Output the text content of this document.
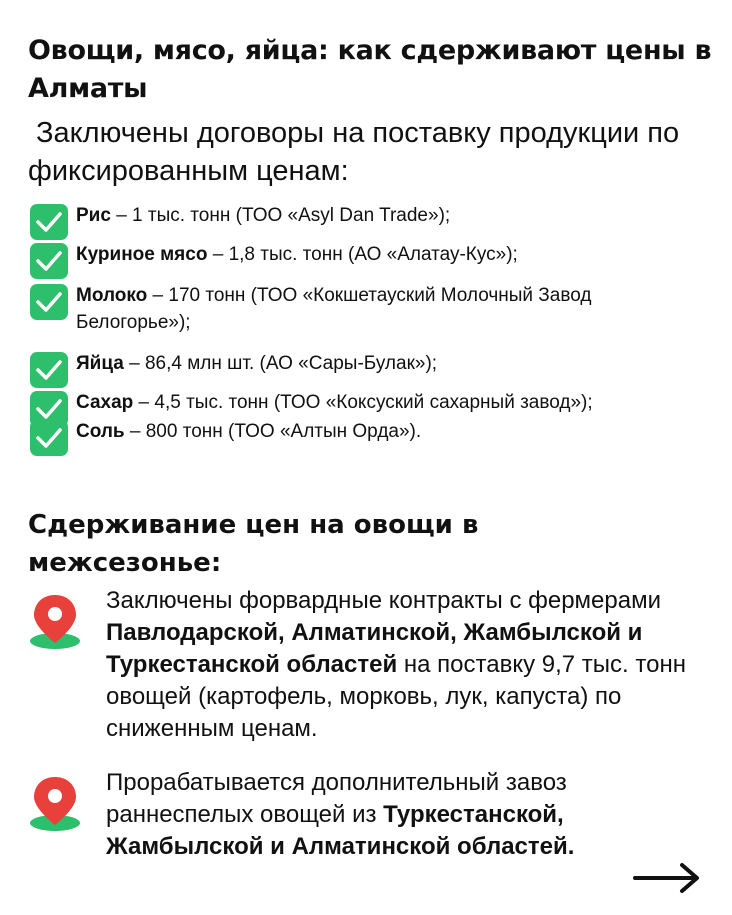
Овощи, мясо, яйца: как сдерживают цены в Алматы
Заключены договоры на поставку продукции по фиксированным ценам:
Рис – 1 тыс. тонн (ТОО «Asyl Dan Trade»);
Куриное мясо – 1,8 тыс. тонн (АО «Алатау-Кус»);
Молоко – 170 тонн (ТОО «Кокшетауский Молочный Завод Белогорье»);
Яйца – 86,4 млн шт. (АО «Сары-Булак»);
Сахар – 4,5 тыс. тонн (ТОО «Коксуский сахарный завод»);
Соль – 800 тонн (ТОО «Алтын Орда»).
Сдерживание цен на овощи в межсезонье:
Заключены форвардные контракты с фермерами Павлодарской, Алматинской, Жамбылской и Туркестанской областей на поставку 9,7 тыс. тонн овощей (картофель, морковь, лук, капуста) по сниженным ценам.
Прорабатывается дополнительный завоз раннеспелых овощей из Туркестанской, Жамбылской и Алматинской областей.
